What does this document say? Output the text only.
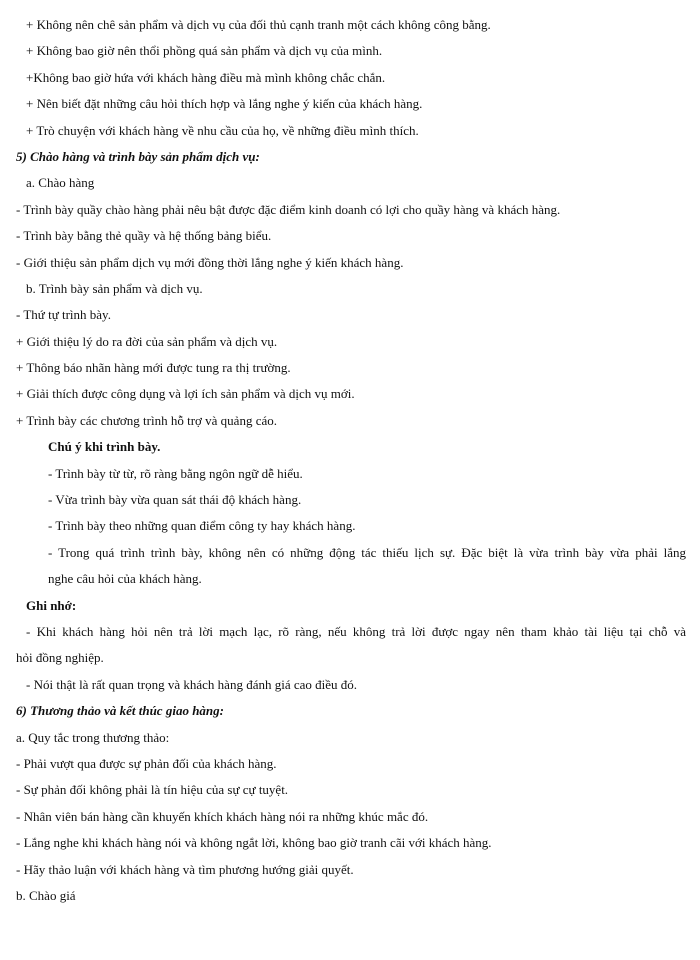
+ Không nên chê sản phẩm và dịch vụ của đối thủ cạnh tranh một cách không công bằng.
+ Không bao giờ nên thổi phồng quá sản phẩm và dịch vụ của mình.
+Không bao giờ hứa với khách hàng điều mà mình không chắc chắn.
+ Nên biết đặt những câu hỏi thích hợp và lắng nghe ý kiến của khách hàng.
+ Trò chuyện với khách hàng về nhu cầu của họ, về những điều mình thích.
5) Chào hàng và trình bày sản phẩm dịch vụ:
a. Chào hàng
- Trình bày quầy chào hàng phải nêu bật được đặc điểm kinh doanh có lợi cho quầy hàng và khách hàng.
- Trình bày bằng thẻ quầy và hệ thống bảng biểu.
- Giới thiệu sản phẩm dịch vụ mới đồng thời lắng nghe ý kiến khách hàng.
b. Trình bày sản phẩm và dịch vụ.
- Thứ tự trình bày.
+ Giới thiệu lý do ra đời của sản phẩm và dịch vụ.
+ Thông báo nhãn hàng mới được tung ra thị trường.
+ Giải thích được công dụng và lợi ích sản phẩm và dịch vụ mới.
+ Trình bày các chương trình hỗ trợ và quảng cáo.
Chú ý khi trình bày.
- Trình bày từ từ, rõ ràng bằng ngôn ngữ dễ hiểu.
- Vừa trình bày vừa quan sát thái độ khách hàng.
- Trình bày theo những quan điểm công ty hay khách hàng.
- Trong quá trình trình bày, không nên có những động tác thiếu lịch sự. Đặc biệt là vừa trình bày vừa phải lắng
nghe câu hỏi của khách hàng.
Ghi nhớ:
- Khi khách hàng hỏi nên trả lời mạch lạc, rõ ràng, nếu không trả lời được ngay nên tham khảo tài liệu tại chỗ và
hỏi đồng nghiệp.
- Nói thật là rất quan trọng và khách hàng đánh giá cao điều đó.
6) Thương thảo và kết thúc giao hàng:
a. Quy tắc trong thương thảo:
- Phải vượt qua được sự phản đối của khách hàng.
- Sự phản đối không phải là tín hiệu của sự cự tuyệt.
- Nhân viên bán hàng cần khuyến khích khách hàng nói ra những khúc mắc đó.
- Lắng nghe khi khách hàng nói và không ngắt lời, không bao giờ tranh cãi với khách hàng.
- Hãy thảo luận với khách hàng và tìm phương hướng giải quyết.
b. Chào giá
